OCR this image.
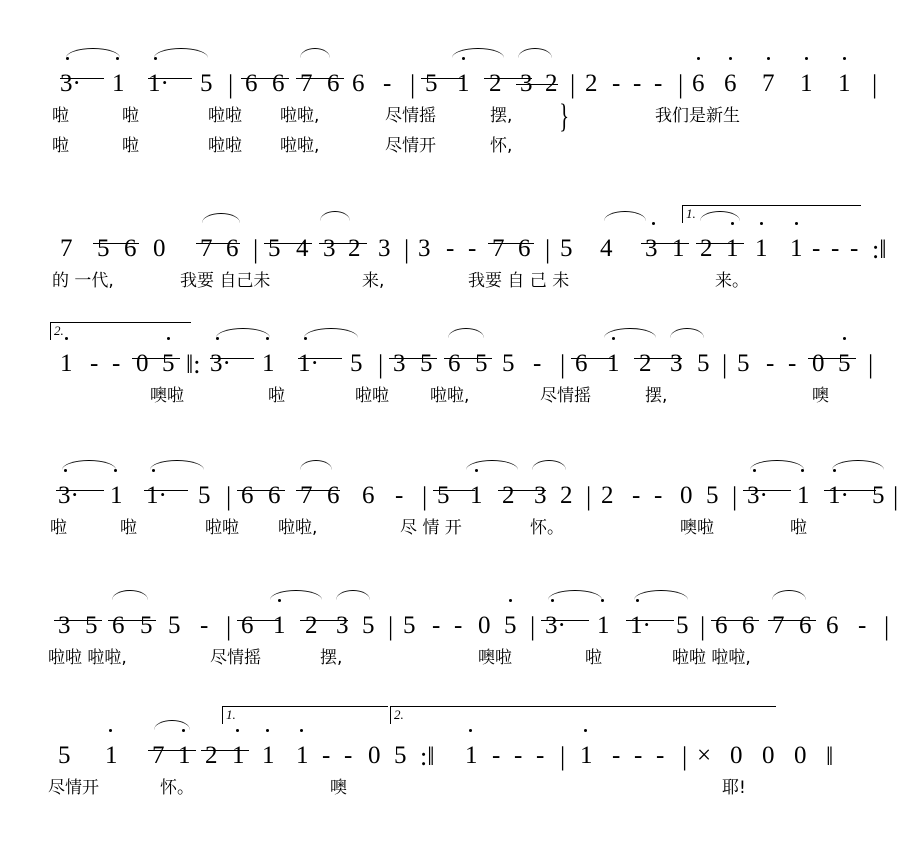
3· 1 1· 5 | 6 6 7 6 6 - | 5 1 2 3 2 | 2 - - - | 6 6 7 1 1 |
啦	啦	啦啦 啦啦,	尽情摇	摆,	我们是新生
}
啦	啦	啦啦 啦啦,	尽情开	怀,
1.
7 5 6 0 7 6 | 5 4 3 2 3 | 3 - - 7 6 | 5 4 3 1 2 1 1 1 - - - :‖
的 一代,	我要 自己未	来,	我要 自 己 未	来。
2.
1 - - 0 5 ‖: 3· 1 1· 5 | 3 5 6 5 5 - | 6 1 2 3 5 | 5 - - 0 5 |
噢啦	啦	啦啦 啦啦,	尽情摇	摆,	噢
3· 1 1· 5 | 6 6 7 6 6 - | 5 1 2 3 2 | 2 - - 0 5 | 3· 1 1· 5 |
啦	啦	啦啦 啦啦,	尽 情 开	怀。	噢啦	啦
3 5 6 5 5 - | 6 1 2 3 5 | 5 - - 0 5 | 3· 1 1· 5 | 6 6 7 6 6 - |
啦啦 啦啦,	尽情摇	摆,	噢啦	啦	啦啦 啦啦,
1.	2.
5 1 7 1 2 1 1 1 - - 0 5 :‖ 1 - - - | 1 - - - | × 0 0 0 ‖
尽情开	怀。	噢	耶!
